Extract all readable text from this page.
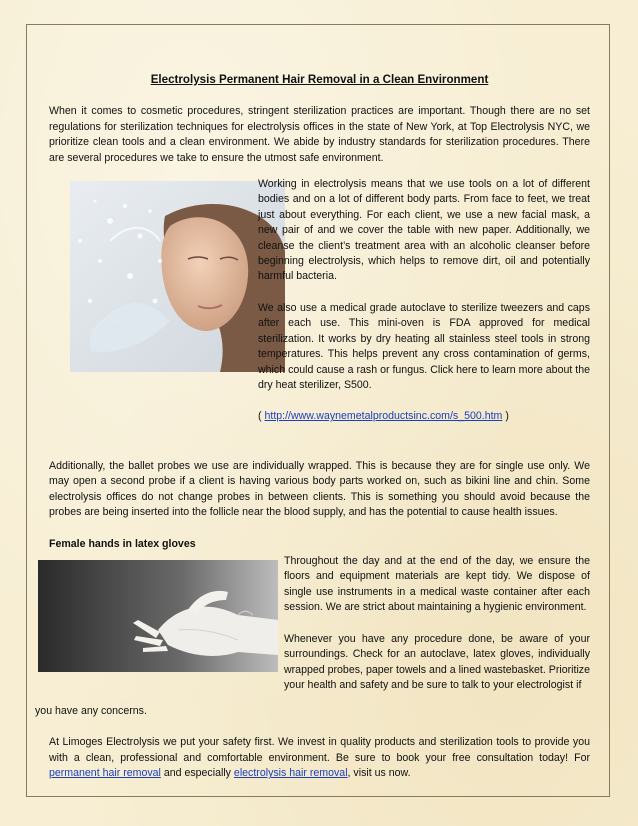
Electrolysis Permanent Hair Removal in a Clean Environment

When it comes to cosmetic procedures, stringent sterilization practices are important. Though there are no set regulations for sterilization techniques for electrolysis offices in the state of New York, at Top Electrolysis NYC, we prioritize clean tools and a clean environment. We abide by industry standards for sterilization procedures. There are several procedures we take to ensure the utmost safe environment.

Working in electrolysis means that we use tools on a lot of different bodies and on a lot of different body parts. From face to feet, we treat just about everything. For each client, we use a new facial mask, a new pair of and we cover the table with new paper. Additionally, we cleanse the client’s treatment area with an alcoholic cleanser before beginning electrolysis, which helps to remove dirt, oil and potentially harmful bacteria.

We also use a medical grade autoclave to sterilize tweezers and caps after each use. This mini-oven is FDA approved for medical sterilization. It works by dry heating all stainless steel tools in strong temperatures. This helps prevent any cross contamination of germs, which could cause a rash or fungus. Click here to learn more about the dry heat sterilizer, S500.

( http://www.waynemetalproductsinc.com/s_500.htm )

Additionally, the ballet probes we use are individually wrapped. This is because they are for single use only. We may open a second probe if a client is having various body parts worked on, such as bikini line and chin. Some electrolysis offices do not change probes in between clients. This is something you should avoid because the probes are being inserted into the follicle near the blood supply, and has the potential to cause health issues.

Female hands in latex gloves

Throughout the day and at the end of the day, we ensure the floors and equipment materials are kept tidy. We dispose of single use instruments in a medical waste container after each session. We are strict about maintaining a hygienic environment.

Whenever you have any procedure done, be aware of your surroundings. Check for an autoclave, latex gloves, individually wrapped probes, paper towels and a lined wastebasket. Prioritize your health and safety and be sure to talk to your electrologist if

you have any concerns.

At Limoges Electrolysis we put your safety first. We invest in quality products and sterilization tools to provide you with a clean, professional and comfortable environment. Be sure to book your free consultation today! For permanent hair removal and especially electrolysis hair removal, visit us now.
